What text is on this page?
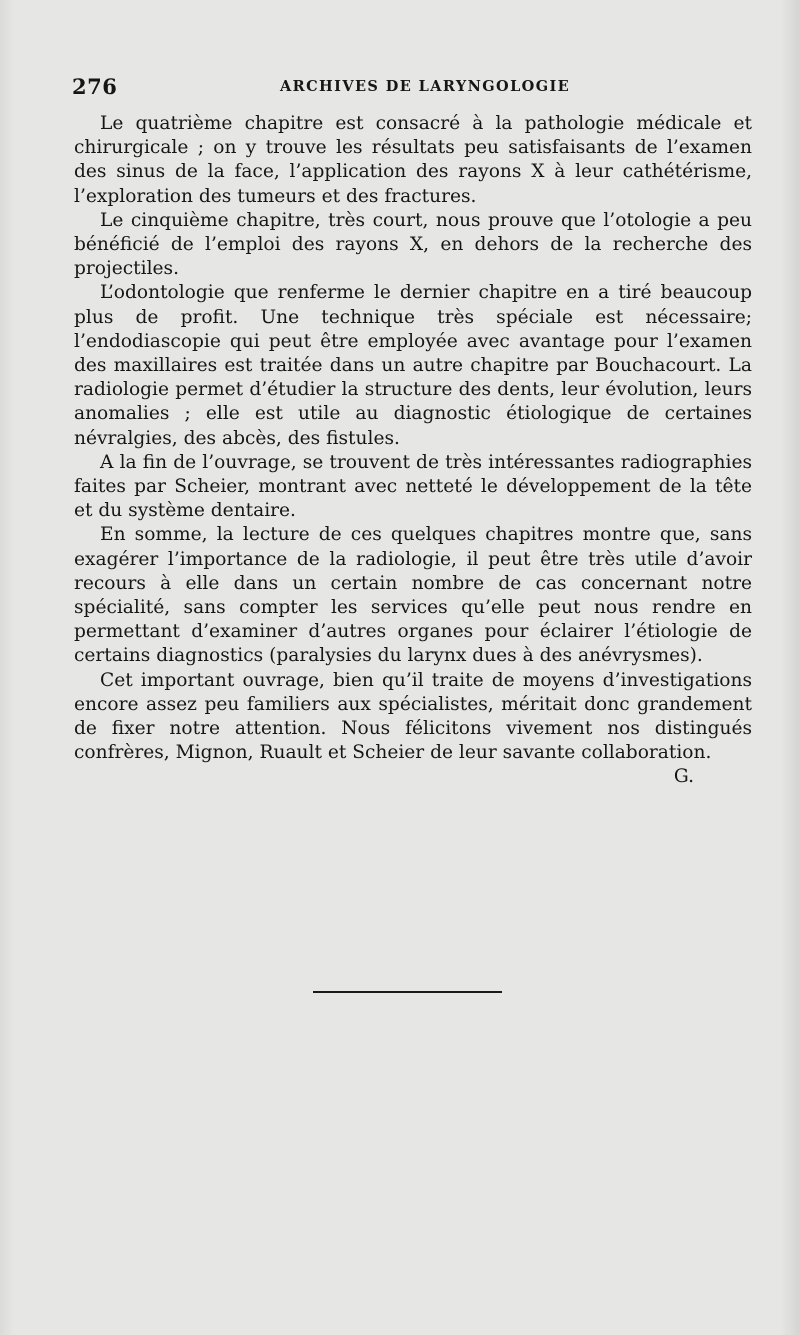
276	ARCHIVES DE LARYNGOLOGIE

Le quatrième chapitre est consacré à la pathologie médicale et chirurgicale ; on y trouve les résultats peu satisfaisants de l’examen des sinus de la face, l’application des rayons X à leur cathétérisme, l’exploration des tumeurs et des fractures.

Le cinquième chapitre, très court, nous prouve que l’otologie a peu bénéficié de l’emploi des rayons X, en dehors de la recherche des projectiles.

L’odontologie que renferme le dernier chapitre en a tiré beaucoup plus de profit. Une technique très spéciale est nécessaire; l’endodiascopie qui peut être employée avec avantage pour l’examen des maxillaires est traitée dans un autre chapitre par Bouchacourt. La radiologie permet d’étudier la structure des dents, leur évolution, leurs anomalies ; elle est utile au diagnostic étiologique de certaines névralgies, des abcès, des fistules.

A la fin de l’ouvrage, se trouvent de très intéressantes radiographies faites par Scheier, montrant avec netteté le développement de la tête et du système dentaire.

En somme, la lecture de ces quelques chapitres montre que, sans exagérer l’importance de la radiologie, il peut être très utile d’avoir recours à elle dans un certain nombre de cas concernant notre spécialité, sans compter les services qu’elle peut nous rendre en permettant d’examiner d’autres organes pour éclairer l’étiologie de certains diagnostics (paralysies du larynx dues à des anévrysmes).

Cet important ouvrage, bien qu’il traite de moyens d’investigations encore assez peu familiers aux spécialistes, méritait donc grandement de fixer notre attention. Nous félicitons vivement nos distingués confrères, Mignon, Ruault et Scheier de leur savante collaboration.

G.
